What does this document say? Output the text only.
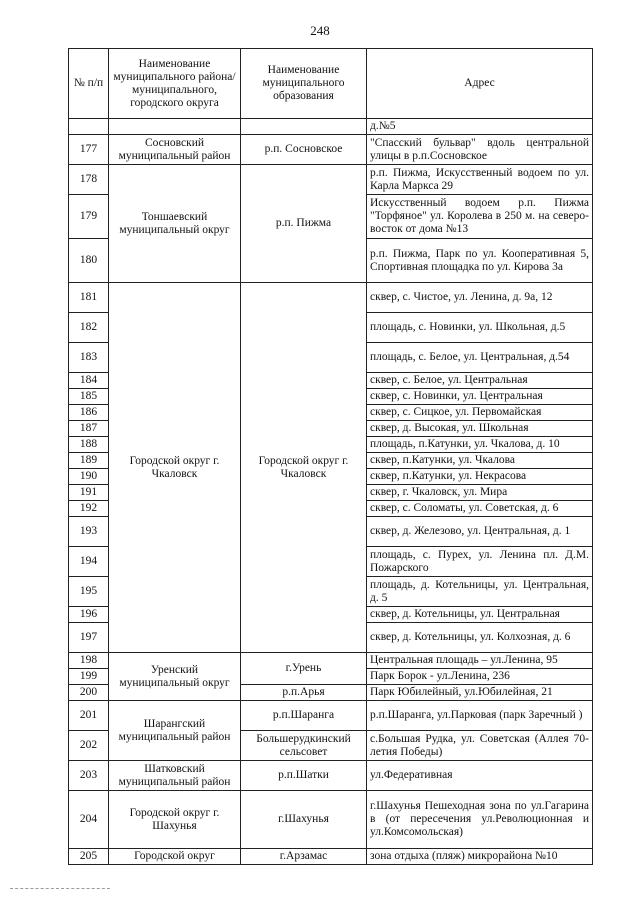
248
№ п/п	Наименование муниципального района/ муниципального, городского округа	Наименование муниципального образования	Адрес
			д.№5
177	Сосновский муниципальный район	р.п. Сосновское	"Спасский бульвар" вдоль центральной улицы в р.п.Сосновское
178	Тоншаевский муниципальный округ	р.п. Пижма	р.п. Пижма, Искусственный водоем по ул. Карла Маркса 29
179			Искусственный водоем р.п. Пижма "Торфяное" ул. Королева в 250 м. на северо-восток от дома №13
180			р.п. Пижма, Парк по ул. Кооперативная 5, Спортивная площадка по ул. Кирова 3а
181	Городской округ г. Чкаловск	Городской округ г. Чкаловск	сквер, с. Чистое, ул. Ленина, д. 9а, 12
182			площадь, с. Новинки, ул. Школьная, д.5
183			площадь, с. Белое, ул. Центральная, д.54
184			сквер, с. Белое, ул. Центральная
185			сквер, с. Новинки, ул. Центральная
186			сквер, с. Сицкое, ул. Первомайская
187			сквер, д. Высокая, ул. Школьная
188			площадь, п.Катунки, ул. Чкалова, д. 10
189			сквер, п.Катунки, ул. Чкалова
190			сквер, п.Катунки, ул. Некрасова
191			сквер, г. Чкаловск, ул. Мира
192			сквер, с. Соломаты, ул. Советская, д. 6
193			сквер, д. Железово, ул. Центральная, д. 1
194			площадь, с. Пурех, ул. Ленина пл. Д.М. Пожарского
195			площадь, д. Котельницы, ул. Центральная, д. 5
196			сквер, д. Котельницы, ул. Центральная
197			сквер, д. Котельницы, ул. Колхозная, д. 6
198	Уренский муниципальный округ	г.Урень	Центральная площадь – ул.Ленина, 95
199			Парк Борок - ул.Ленина, 236
200		р.п.Арья	Парк Юбилейный, ул.Юбилейная, 21
201	Шарангский муниципальный район	р.п.Шаранга	р.п.Шаранга, ул.Парковая (парк Заречный )
202		Большерудкинский сельсовет	с.Большая Рудка, ул. Советская (Аллея 70-летия Победы)
203	Шатковский муниципальный район	р.п.Шатки	ул.Федеративная
204	Городской округ г. Шахунья	г.Шахунья	г.Шахунья Пешеходная зона по ул.Гагарина в (от пересечения ул.Революционная и ул.Комсомольская)
205	Городской округ	г.Арзамас	зона отдыха (пляж) микрорайона №10
